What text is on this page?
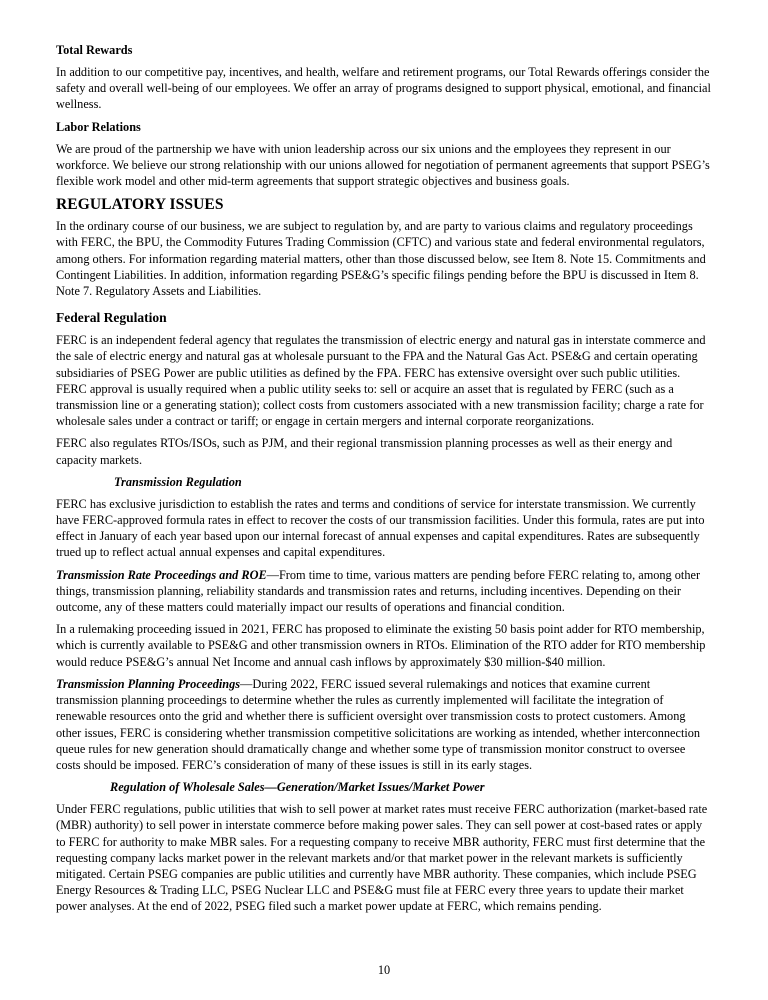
Total Rewards

In addition to our competitive pay, incentives, and health, welfare and retirement programs, our Total Rewards offerings consider the safety and overall well-being of our employees. We offer an array of programs designed to support physical, emotional, and financial wellness.

Labor Relations

We are proud of the partnership we have with union leadership across our six unions and the employees they represent in our workforce. We believe our strong relationship with our unions allowed for negotiation of permanent agreements that support PSEG’s flexible work model and other mid-term agreements that support strategic objectives and business goals.

REGULATORY ISSUES

In the ordinary course of our business, we are subject to regulation by, and are party to various claims and regulatory proceedings with FERC, the BPU, the Commodity Futures Trading Commission (CFTC) and various state and federal environmental regulators, among others. For information regarding material matters, other than those discussed below, see Item 8. Note 15. Commitments and Contingent Liabilities. In addition, information regarding PSE&G’s specific filings pending before the BPU is discussed in Item 8. Note 7. Regulatory Assets and Liabilities.

Federal Regulation

FERC is an independent federal agency that regulates the transmission of electric energy and natural gas in interstate commerce and the sale of electric energy and natural gas at wholesale pursuant to the FPA and the Natural Gas Act. PSE&G and certain operating subsidiaries of PSEG Power are public utilities as defined by the FPA. FERC has extensive oversight over such public utilities. FERC approval is usually required when a public utility seeks to: sell or acquire an asset that is regulated by FERC (such as a transmission line or a generating station); collect costs from customers associated with a new transmission facility; charge a rate for wholesale sales under a contract or tariff; or engage in certain mergers and internal corporate reorganizations.

FERC also regulates RTOs/ISOs, such as PJM, and their regional transmission planning processes as well as their energy and capacity markets.

Transmission Regulation

FERC has exclusive jurisdiction to establish the rates and terms and conditions of service for interstate transmission. We currently have FERC-approved formula rates in effect to recover the costs of our transmission facilities. Under this formula, rates are put into effect in January of each year based upon our internal forecast of annual expenses and capital expenditures. Rates are subsequently trued up to reflect actual annual expenses and capital expenditures.

Transmission Rate Proceedings and ROE—From time to time, various matters are pending before FERC relating to, among other things, transmission planning, reliability standards and transmission rates and returns, including incentives. Depending on their outcome, any of these matters could materially impact our results of operations and financial condition.

In a rulemaking proceeding issued in 2021, FERC has proposed to eliminate the existing 50 basis point adder for RTO membership, which is currently available to PSE&G and other transmission owners in RTOs. Elimination of the RTO adder for RTO membership would reduce PSE&G’s annual Net Income and annual cash inflows by approximately $30 million-$40 million.

Transmission Planning Proceedings—During 2022, FERC issued several rulemakings and notices that examine current transmission planning proceedings to determine whether the rules as currently implemented will facilitate the integration of renewable resources onto the grid and whether there is sufficient oversight over transmission costs to protect customers. Among other issues, FERC is considering whether transmission competitive solicitations are working as intended, whether interconnection queue rules for new generation should dramatically change and whether some type of transmission monitor construct to oversee costs should be imposed. FERC’s consideration of many of these issues is still in its early stages.

Regulation of Wholesale Sales—Generation/Market Issues/Market Power

Under FERC regulations, public utilities that wish to sell power at market rates must receive FERC authorization (market-based rate (MBR) authority) to sell power in interstate commerce before making power sales. They can sell power at cost-based rates or apply to FERC for authority to make MBR sales. For a requesting company to receive MBR authority, FERC must first determine that the requesting company lacks market power in the relevant markets and/or that market power in the relevant markets is sufficiently mitigated. Certain PSEG companies are public utilities and currently have MBR authority. These companies, which include PSEG Energy Resources & Trading LLC, PSEG Nuclear LLC and PSE&G must file at FERC every three years to update their market power analyses. At the end of 2022, PSEG filed such a market power update at FERC, which remains pending.

10
